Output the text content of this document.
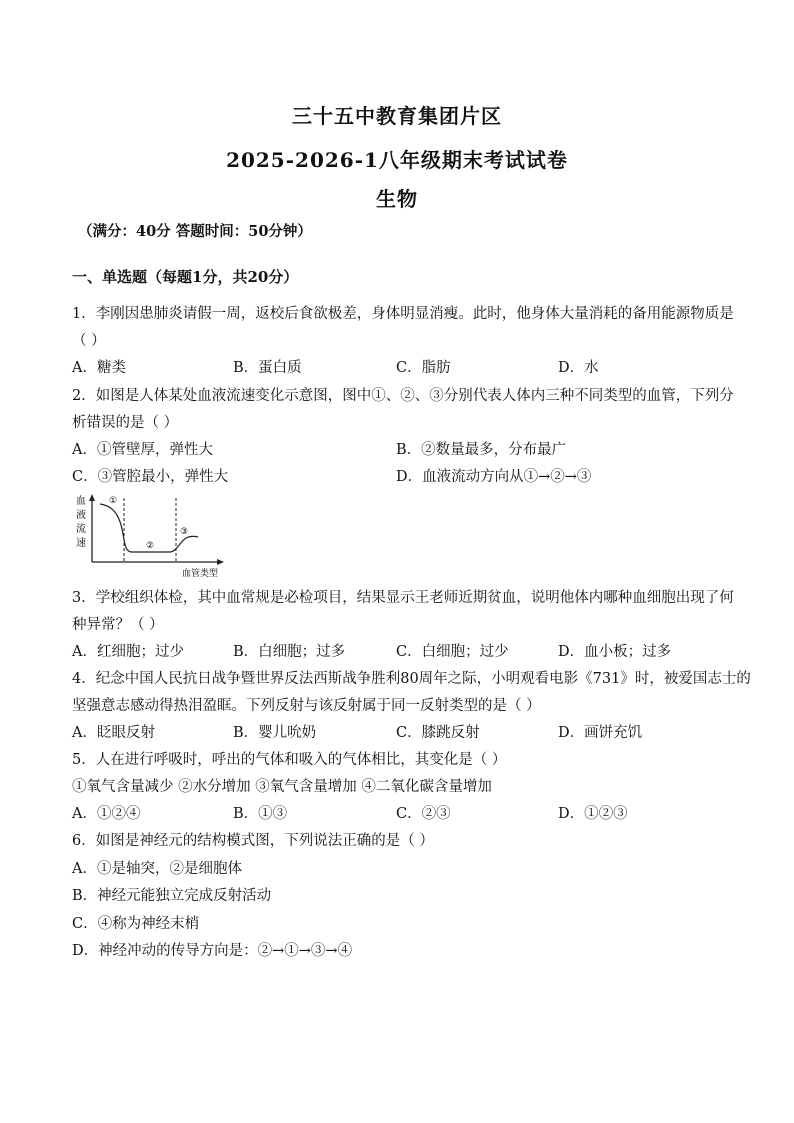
三十五中教育集团片区
2025-2026-1八年级期末考试试卷
生物
（满分：40分 答题时间：50分钟）
一、单选题（每题1分，共20分）
1．李刚因患肺炎请假一周，返校后食欲极差，身体明显消瘦。此时，他身体大量消耗的备用能源物质是
（ ）
A．糖类	B．蛋白质	C．脂肪	D．水
2．如图是人体某处血液流速变化示意图，图中①、②、③分别代表人体内三种不同类型的血管，下列分
析错误的是（ ）
A．①管壁厚，弹性大	B．②数量最多，分布最广
C．③管腔最小，弹性大	D．血液流动方向从①→②→③
血
液
流
速
①
②
③
血管类型
3．学校组织体检，其中血常规是必检项目，结果显示王老师近期贫血，说明他体内哪种血细胞出现了何
种异常？（ ）
A．红细胞；过少	B．白细胞；过多	C．白细胞；过少	D．血小板；过多
4．纪念中国人民抗日战争暨世界反法西斯战争胜利80周年之际，小明观看电影《731》时，被爱国志士的
坚强意志感动得热泪盈眶。下列反射与该反射属于同一反射类型的是（ ）
A．眨眼反射	B．婴儿吮奶	C．膝跳反射	D．画饼充饥
5．人在进行呼吸时，呼出的气体和吸入的气体相比，其变化是（ ）
①氧气含量减少 ②水分增加 ③氧气含量增加 ④二氧化碳含量增加
A．①②④	B．①③	C．②③	D．①②③
6．如图是神经元的结构模式图，下列说法正确的是（ ）
A．①是轴突，②是细胞体
B．神经元能独立完成反射活动
C．④称为神经末梢
D．神经冲动的传导方向是：②→①→③→④
